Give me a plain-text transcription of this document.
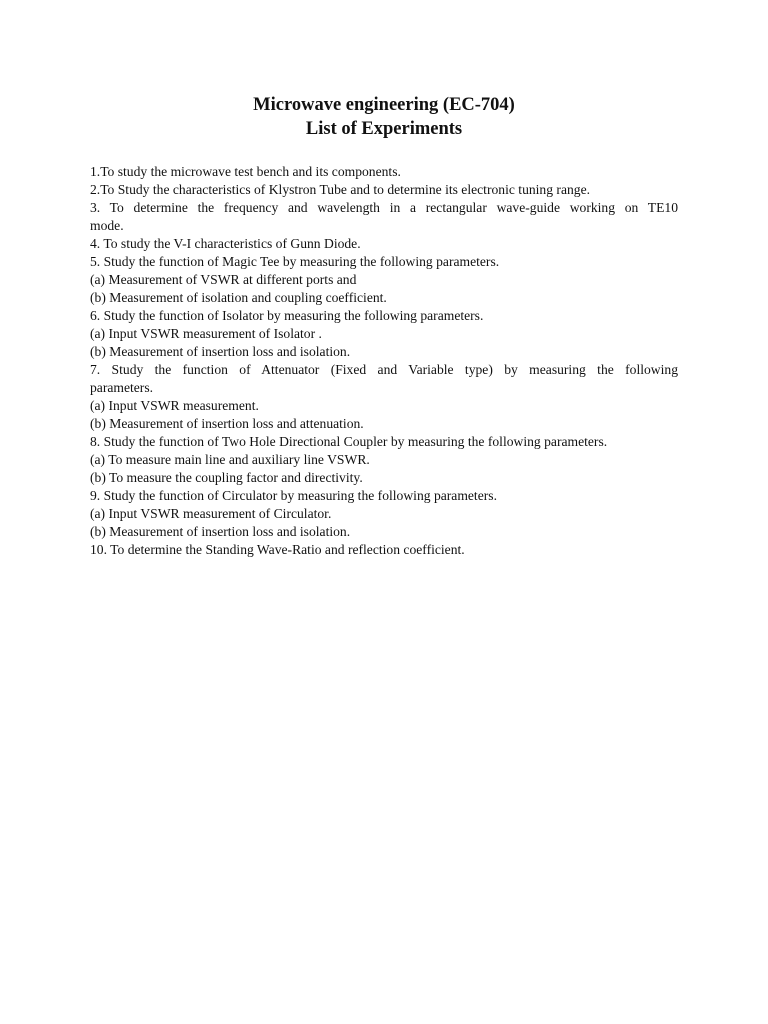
Microwave engineering (EC-704)
List of Experiments
1.To study the microwave test bench and its components.
2.To Study the characteristics of Klystron Tube and to determine its electronic tuning range.
3. To determine the frequency and wavelength in a rectangular wave-guide working on TE10
mode.
4. To study the V-I characteristics of Gunn Diode.
5. Study the function of Magic Tee by measuring the following parameters.
(a) Measurement of VSWR at different ports and
(b) Measurement of isolation and coupling coefficient.
6. Study the function of Isolator by measuring the following parameters.
(a) Input VSWR measurement of Isolator .
(b) Measurement of insertion loss and isolation.
7. Study the function of Attenuator (Fixed and Variable type) by measuring the following
parameters.
(a) Input VSWR measurement.
(b) Measurement of insertion loss and attenuation.
8. Study the function of Two Hole Directional Coupler by measuring the following parameters.
(a) To measure main line and auxiliary line VSWR.
(b) To measure the coupling factor and directivity.
9. Study the function of Circulator by measuring the following parameters.
(a) Input VSWR measurement of Circulator.
(b) Measurement of insertion loss and isolation.
10. To determine the Standing Wave-Ratio and reflection coefficient.
